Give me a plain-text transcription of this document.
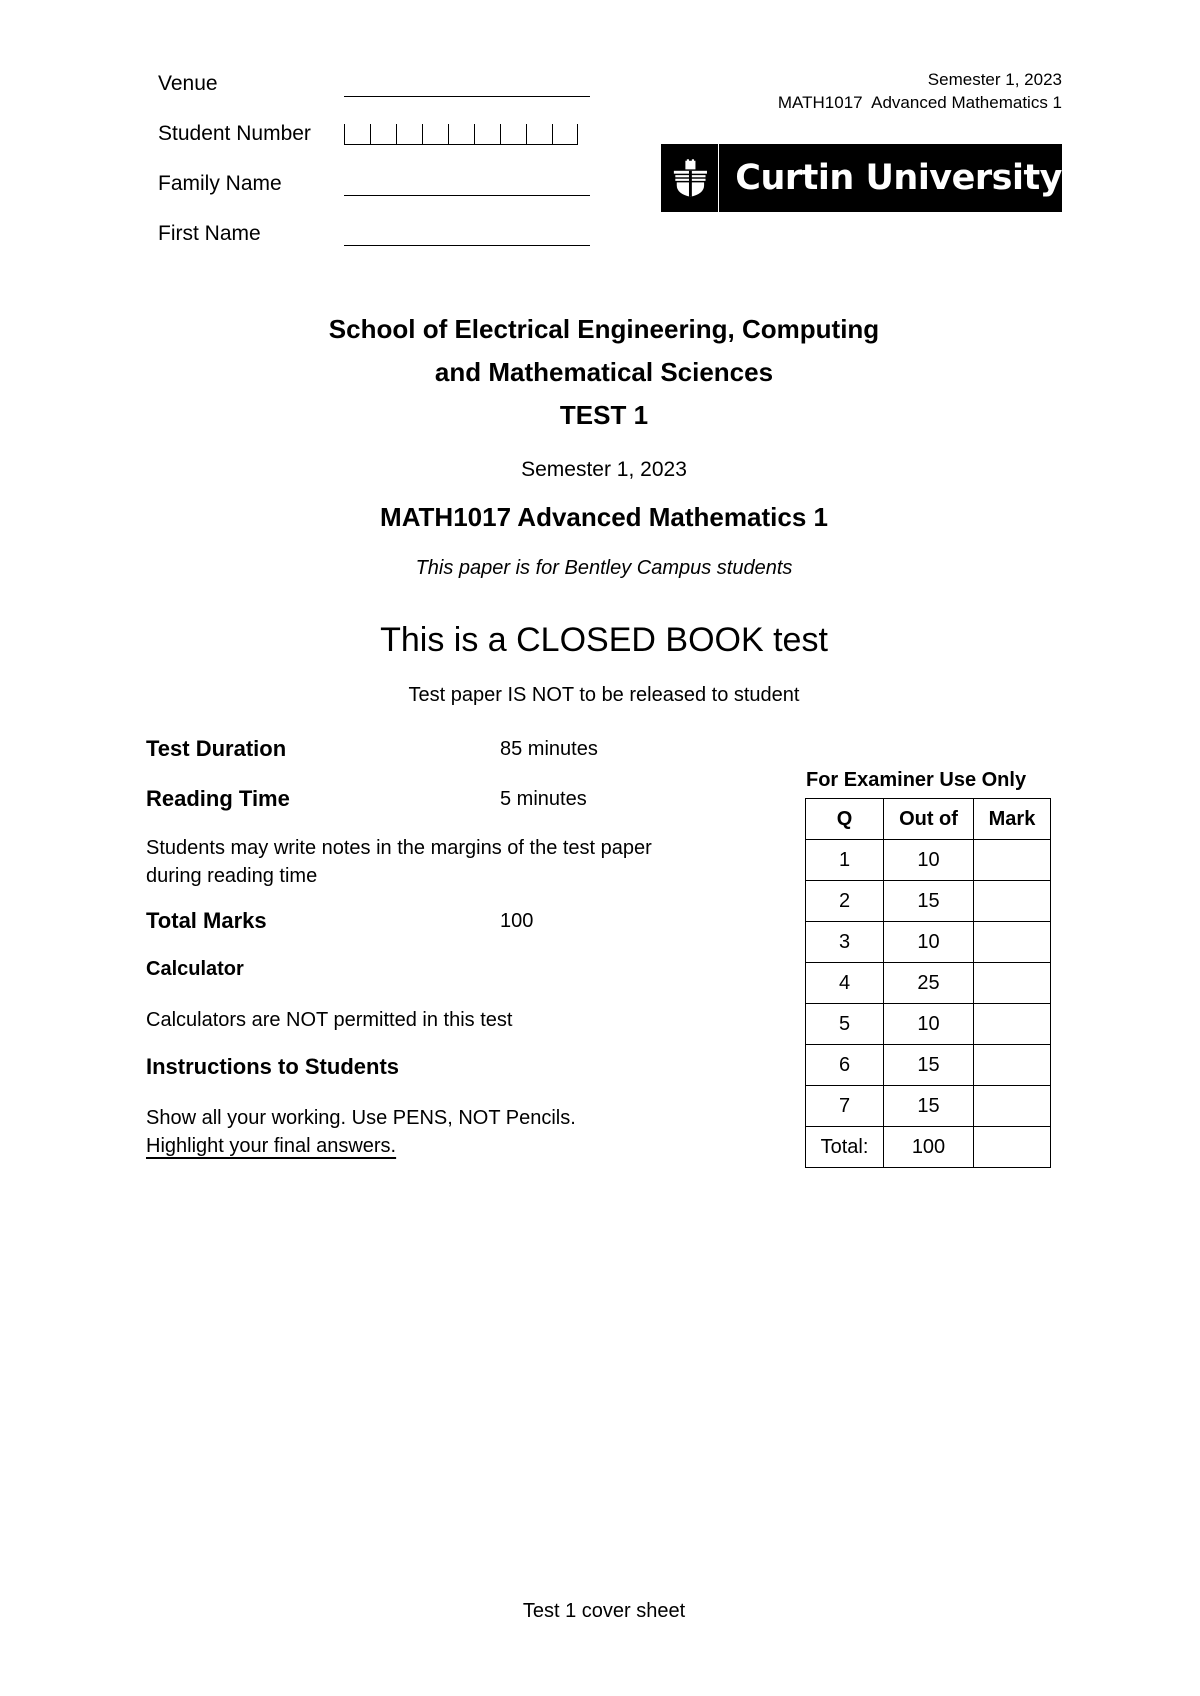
Venue
Student Number
Family Name
First Name
Semester 1, 2023
MATH1017  Advanced Mathematics 1
Curtin University
School of Electrical Engineering, Computing
and Mathematical Sciences
TEST 1
Semester 1, 2023
MATH1017 Advanced Mathematics 1
This paper is for Bentley Campus students
This is a CLOSED BOOK test
Test paper IS NOT to be released to student
Test Duration	85 minutes
Reading Time	5 minutes
Students may write notes in the margins of the test paper
during reading time
Total Marks	100
Calculator
Calculators are NOT permitted in this test
Instructions to Students
Show all your working. Use PENS, NOT Pencils.
Highlight your final answers.
For Examiner Use Only
Q	Out of	Mark
1	10	
2	15	
3	10	
4	25	
5	10	
6	15	
7	15	
Total:	100	
Test 1 cover sheet
